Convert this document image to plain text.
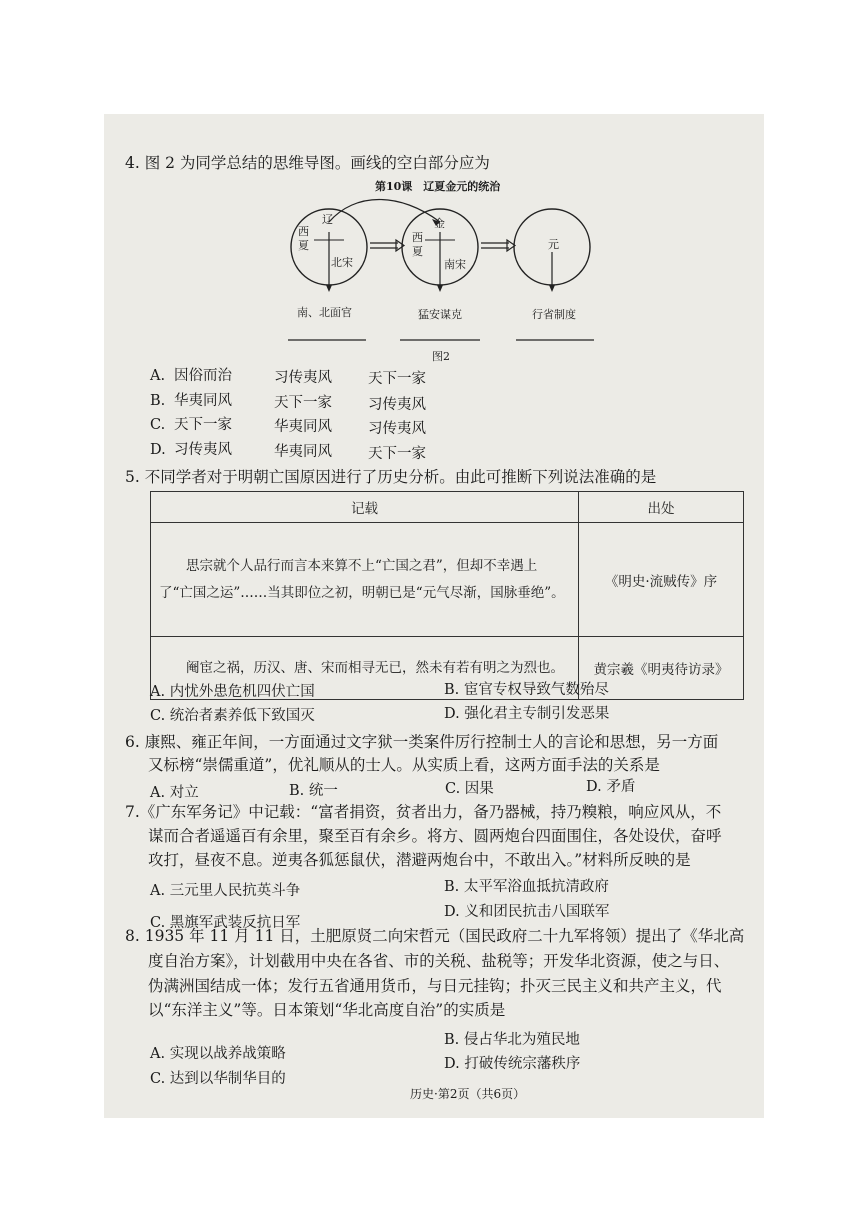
4. 图 2 为同学总结的思维导图。画线的空白部分应为
第10课　辽夏金元的统治
辽
西
夏
北宋
金
西
夏
南宋
元
南、北面官	猛安谋克	行省制度
图2
A. 因俗而治	习传夷风 天下一家
B. 华夷同风	天下一家 习传夷风
C. 天下一家	华夷同风 习传夷风
D. 习传夷风	华夷同风 天下一家
5. 不同学者对于明朝亡国原因进行了历史分析。由此可推断下列说法准确的是
记载	出处
思宗就个人品行而言本来算不上“亡国之君”，但却不幸遇上了“亡国之运”……当其即位之初，明朝已是“元气尽渐，国脉垂绝”。	《明史·流贼传》序
阉宦之祸，历汉、唐、宋而相寻无已，然未有若有明之为烈也。	黄宗羲《明夷待访录》
A. 内忧外患危机四伏亡国	B. 宦官专权导致气数殆尽
C. 统治者素养低下致国灭	D. 强化君主专制引发恶果
6. 康熙、雍正年间，一方面通过文字狱一类案件厉行控制士人的言论和思想，另一方面
又标榜“崇儒重道”，优礼顺从的士人。从实质上看，这两方面手法的关系是
A. 对立	B. 统一	C. 因果	D. 矛盾
7.《广东军务记》中记载：“富者捐资，贫者出力，备乃器械，持乃糗粮，响应风从，不
谋而合者遥遥百有余里，聚至百有余乡。将方、圆两炮台四面围住，各处设伏，奋呼
攻打，昼夜不息。逆夷各狐惩鼠伏，潜避两炮台中，不敢出入。”材料所反映的是
A. 三元里人民抗英斗争	B. 太平军浴血抵抗清政府
C. 黑旗军武装反抗日军
D. 义和团民抗击八国联军
8. 1935 年 11 月 11 日，土肥原贤二向宋哲元（国民政府二十九军将领）提出了《华北高
度自治方案》，计划截用中央在各省、市的关税、盐税等；开发华北资源，使之与日、
伪满洲国结成一体；发行五省通用货币，与日元挂钩；扑灭三民主义和共产主义，代
以“东洋主义”等。日本策划“华北高度自治”的实质是
A. 实现以战养战策略
B. 侵占华北为殖民地
C. 达到以华制华目的
D. 打破传统宗藩秩序
历史·第2页（共6页）
